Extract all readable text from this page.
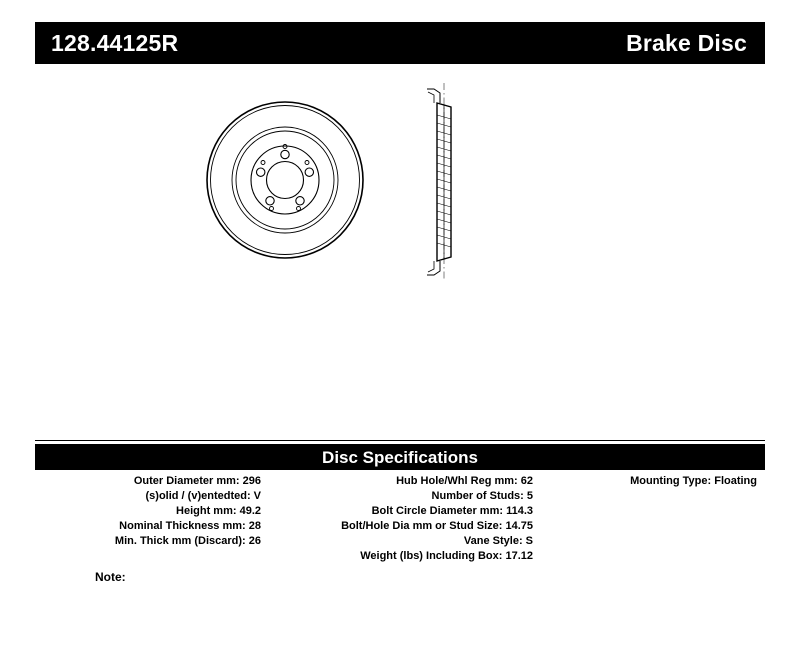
128.44125R	Brake Disc
Disc Specifications
Outer Diameter mm: 296
(s)olid / (v)entedted: V
Height mm: 49.2
Nominal Thickness mm: 28
Min. Thick mm (Discard): 26
Hub Hole/Whl Reg mm: 62
Number of Studs: 5
Bolt Circle Diameter mm: 114.3
Bolt/Hole Dia mm or Stud Size: 14.75
Vane Style: S
Weight (lbs) Including Box: 17.12
Mounting Type: Floating
Note:
